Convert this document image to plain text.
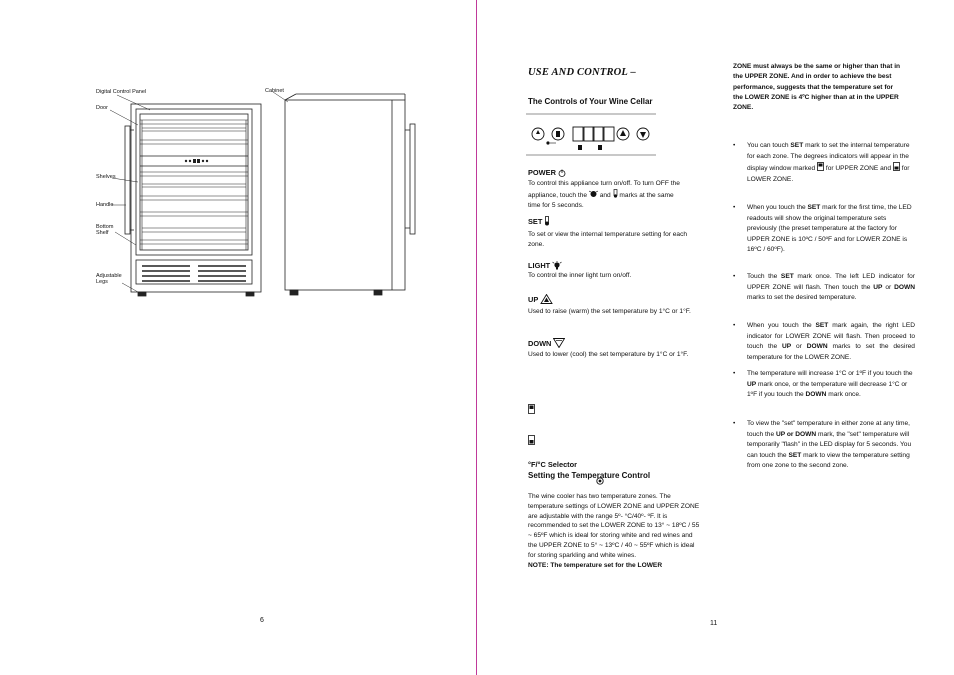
Digital Control Panel
Door
Shelves
Handle
Bottom
Shelf
Adjustable
Legs
Cabinet
6
USE AND CONTROL –
The Controls of Your Wine Cellar
POWER
To control this appliance turn on/off. To turn OFF the
appliance, touch the and marks at the same
time for 5 seconds.
SET
To set or view the internal temperature setting for each zone.
LIGHT
To control the inner light turn on/off.
UP
Used to raise (warm) the set temperature by 1°C or 1°F.
DOWN
Used to lower (cool) the set temperature by 1°C or 1°F.
°F/°C Selector
Setting the Temperature Control
The wine cooler has two temperature zones. The temperature settings of LOWER ZONE and UPPER ZONE are adjustable with the range 5º- °C/40º- ºF. It is recommended to set the LOWER ZONE to 13° ~ 18ºC / 55 ~ 65ºF which is ideal for storing white and red wines and the UPPER ZONE to 5° ~ 13ºC / 40 ~ 55ºF which is ideal for storing sparkling and white wines.
NOTE: The temperature set for the LOWER
ZONE must always be the same or higher than that in the UPPER ZONE. And in order to achieve the best performance, suggests that the temperature set for the LOWER ZONE is 4ºC higher than at in the UPPER ZONE.
• You can touch SET mark to set the internal temperature for each zone. The degrees indicators will appear in the display window marked for UPPER ZONE and for LOWER ZONE.
• When you touch the SET mark for the first time, the LED readouts will show the original temperature sets previously (the preset temperature at the factory for UPPER ZONE is 10ºC / 50ºF and for LOWER ZONE is 16ºC / 60ºF).
• Touch the SET mark once. The left LED indicator for UPPER ZONE will flash. Then touch the UP or DOWN marks to set the desired temperature.
• When you touch the SET mark again, the right LED indicator for LOWER ZONE will flash. Then proceed to touch the UP or DOWN marks to set the desired temperature for the LOWER ZONE.
• The temperature will increase 1°C or 1ºF if you touch the UP mark once, or the temperature will decrease 1°C or 1ºF if you touch the DOWN mark once.
• To view the "set" temperature in either zone at any time, touch the UP or DOWN mark, the "set" temperature will temporarily "flash" in the LED display for 5 seconds. You can touch the SET mark to view the temperature setting from one zone to the second zone.
11
